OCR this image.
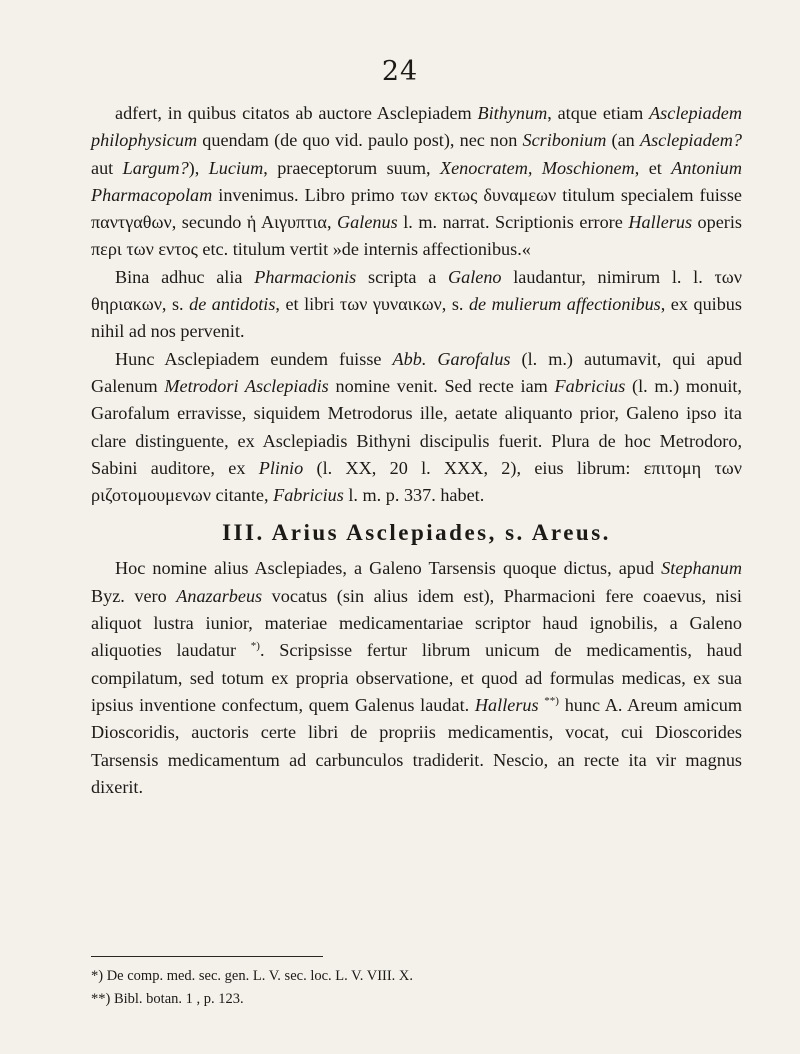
24

adfert, in quibus citatos ab auctore Asclepiadem Bithynum, atque etiam Asclepiadem philophysicum quendam (de quo vid. paulo post), nec non Scribonium (an Asclepiadem? aut Largum?), Lucium, praeceptorum suum, Xenocratem, Moschionem, et Antonium Pharmacopolam invenimus. Libro primo των εκτως δυναμεων titulum specialem fuisse παντγαθων, secundo ἡ Αιγυπτια, Galenus l. m. narrat. Scriptionis errore Hallerus operis περι των εντος etc. titulum vertit »de internis affectionibus.«

Bina adhuc alia Pharmacionis scripta a Galeno laudantur, nimirum l. l. των θηριακων, s. de antidotis, et libri των γυναικων, s. de mulierum affectionibus, ex quibus nihil ad nos pervenit.

Hunc Asclepiadem eundem fuisse Abb. Garofalus (l. m.) autumavit, qui apud Galenum Metrodori Asclepiadis nomine venit. Sed recte iam Fabricius (l. m.) monuit, Garofalum erravisse, siquidem Metrodorus ille, aetate aliquanto prior, Galeno ipso ita clare distinguente, ex Asclepiadis Bithyni discipulis fuerit. Plura de hoc Metrodoro, Sabini auditore, ex Plinio (l. XX, 20 l. XXX, 2), eius librum: επιτομη των ριζοτομουμενων citante, Fabricius l. m. p. 337. habet.

III. Arius Asclepiades, s. Areus.

Hoc nomine alius Asclepiades, a Galeno Tarsensis quoque dictus, apud Stephanum Byz. vero Anazarbeus vocatus (sin alius idem est), Pharmacioni fere coaevus, nisi aliquot lustra iunior, materiae medicamentariae scriptor haud ignobilis, a Galeno aliquoties laudatur *). Scripsisse fertur librum unicum de medicamentis, haud compilatum, sed totum ex propria observatione, et quod ad formulas medicas, ex sua ipsius inventione confectum, quem Galenus laudat. Hallerus **) hunc A. Areum amicum Dioscoridis, auctoris certe libri de propriis medicamentis, vocat, cui Dioscorides Tarsensis medicamentum ad carbunculos tradiderit. Nescio, an recte ita vir magnus dixerit.

*) De comp. med. sec. gen. L. V. sec. loc. L. V. VIII. X.

**) Bibl. botan. 1 , p. 123.
